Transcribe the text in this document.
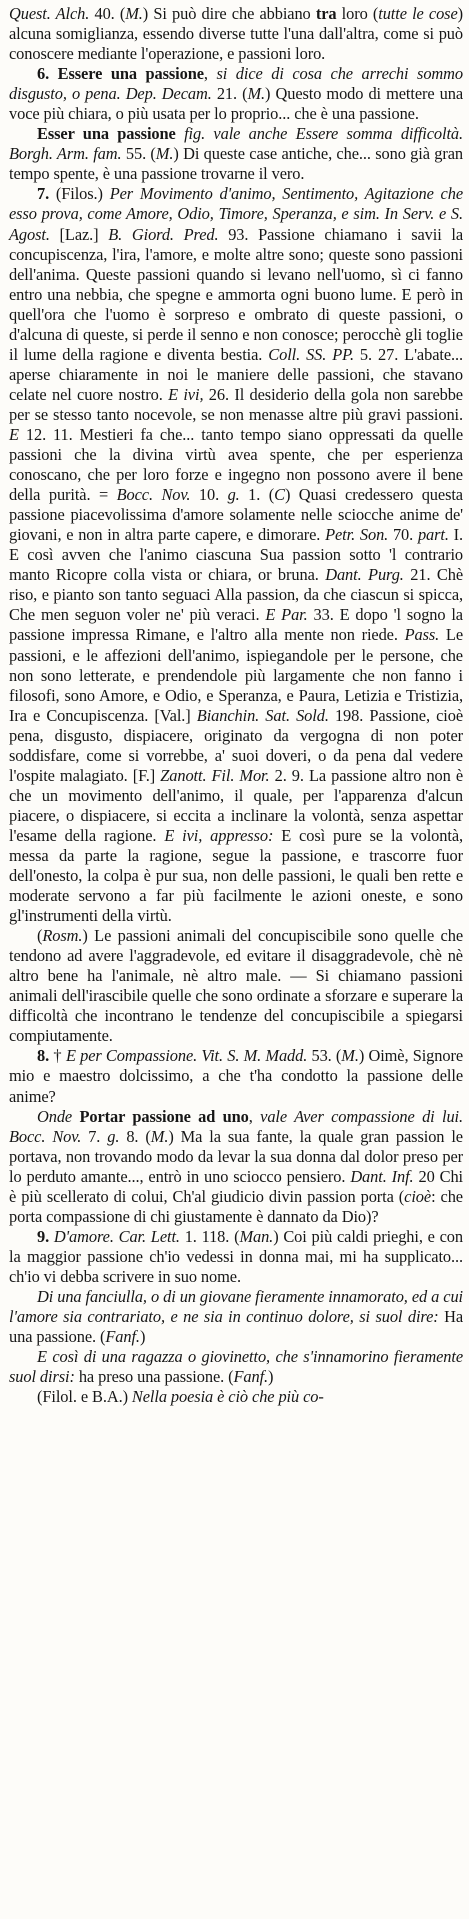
Quest. Alch. 40. (M.) Si può dire che abbiano tra loro (tutte le cose) alcuna somiglianza, essendo diverse tutte l'una dall'altra, come si può conoscere mediante l'operazione, e passioni loro.

6. Essere una passione, si dice di cosa che arrechi sommo disgusto, o pena. Dep. Decam. 21. (M.) Questo modo di mettere una voce più chiara, o più usata per lo proprio... che è una passione.

Esser una passione fig. vale anche Essere somma difficoltà. Borgh. Arm. fam. 55. (M.) Di queste case antiche, che... sono già gran tempo spente, è una passione trovarne il vero.

7. (Filos.) Per Movimento d'animo, Sentimento, Agitazione che esso prova, come Amore, Odio, Timore, Speranza, e sim. In Serv. e S. Agost. [Laz.] B. Giord. Pred. 93. Passione chiamano i savii la concupiscenza, l'ira, l'amore, e molte altre sono; queste sono passioni dell'anima. Queste passioni quando si levano nell'uomo, sì ci fanno entro una nebbia, che spegne e ammorta ogni buono lume. E però in quell'ora che l'uomo è sorpreso e ombrato di queste passioni, o d'alcuna di queste, si perde il senno e non conosce; perocchè gli toglie il lume della ragione e diventa bestia. Coll. SS. PP. 5. 27. L'abate... aperse chiaramente in noi le maniere delle passioni, che stavano celate nel cuore nostro. E ivi, 26. Il desiderio della gola non sarebbe per se stesso tanto nocevole, se non menasse altre più gravi passioni. E 12. 11. Mestieri fa che... tanto tempo siano oppressati da quelle passioni che la divina virtù avea spente, che per esperienza conoscano, che per loro forze e ingegno non possono avere il bene della purità. = Bocc. Nov. 10. g. 1. (C) Quasi credessero questa passione piacevolissima d'amore solamente nelle sciocche anime de' giovani, e non in altra parte capere, e dimorare. Petr. Son. 70. part. I. E così avven che l'animo ciascuna Sua passion sotto 'l contrario manto Ricopre colla vista or chiara, or bruna. Dant. Purg. 21. Chè riso, e pianto son tanto seguaci Alla passion, da che ciascun si spicca, Che men seguon voler ne' più veraci. E Par. 33. E dopo 'l sogno la passione impressa Rimane, e l'altro alla mente non riede. Pass. Le passioni, e le affezioni dell'animo, ispiegandole per le persone, che non sono letterate, e prendendole più largamente che non fanno i filosofi, sono Amore, e Odio, e Speranza, e Paura, Letizia e Tristizia, Ira e Concupiscenza. [Val.] Bianchin. Sat. Sold. 198. Passione, cioè pena, disgusto, dispiacere, originato da vergogna di non poter soddisfare, come si vorrebbe, a' suoi doveri, o da pena dal vedere l'ospite malagiato. [F.] Zanott. Fil. Mor. 2. 9. La passione altro non è che un movimento dell'animo, il quale, per l'apparenza d'alcun piacere, o dispiacere, si eccita a inclinare la volontà, senza aspettar l'esame della ragione. E ivi, appresso: E così pure se la volontà, messa da parte la ragione, segue la passione, e trascorre fuor dell'onesto, la colpa è pur sua, non delle passioni, le quali ben rette e moderate servono a far più facilmente le azioni oneste, e sono gl'instrumenti della virtù.

(Rosm.) Le passioni animali del concupiscibile sono quelle che tendono ad avere l'aggradevole, ed evitare il disaggradevole, chè nè altro bene ha l'animale, nè altro male. — Si chiamano passioni animali dell'irascibile quelle che sono ordinate a sforzare e superare la difficoltà che incontrano le tendenze del concupiscibile a spiegarsi compiutamente.

8. † E per Compassione. Vit. S. M. Madd. 53. (M.) Oimè, Signore mio e maestro dolcissimo, a che t'ha condotto la passione delle anime?

Onde Portar passione ad uno, vale Aver compassione di lui. Bocc. Nov. 7. g. 8. (M.) Ma la sua fante, la quale gran passion le portava, non trovando modo da levar la sua donna dal dolor preso per lo perduto amante..., entrò in uno sciocco pensiero. Dant. Inf. 20 Chi è più scellerato di colui, Ch'al giudicio divin passion porta (cioè: che porta compassione di chi giustamente è dannato da Dio)?

9. D'amore. Car. Lett. 1. 118. (Man.) Coi più caldi prieghi, e con la maggior passione ch'io vedessi in donna mai, mi ha supplicato... ch'io vi debba scrivere in suo nome.

Di una fanciulla, o di un giovane fieramente innamorato, ed a cui l'amore sia contrariato, e ne sia in continuo dolore, si suol dire: Ha una passione. (Fanf.)

E così di una ragazza o giovinetto, che s'innamorino fieramente suol dirsi: ha preso una passione. (Fanf.)

(Filol. e B.A.) Nella poesia è ciò che più co-
